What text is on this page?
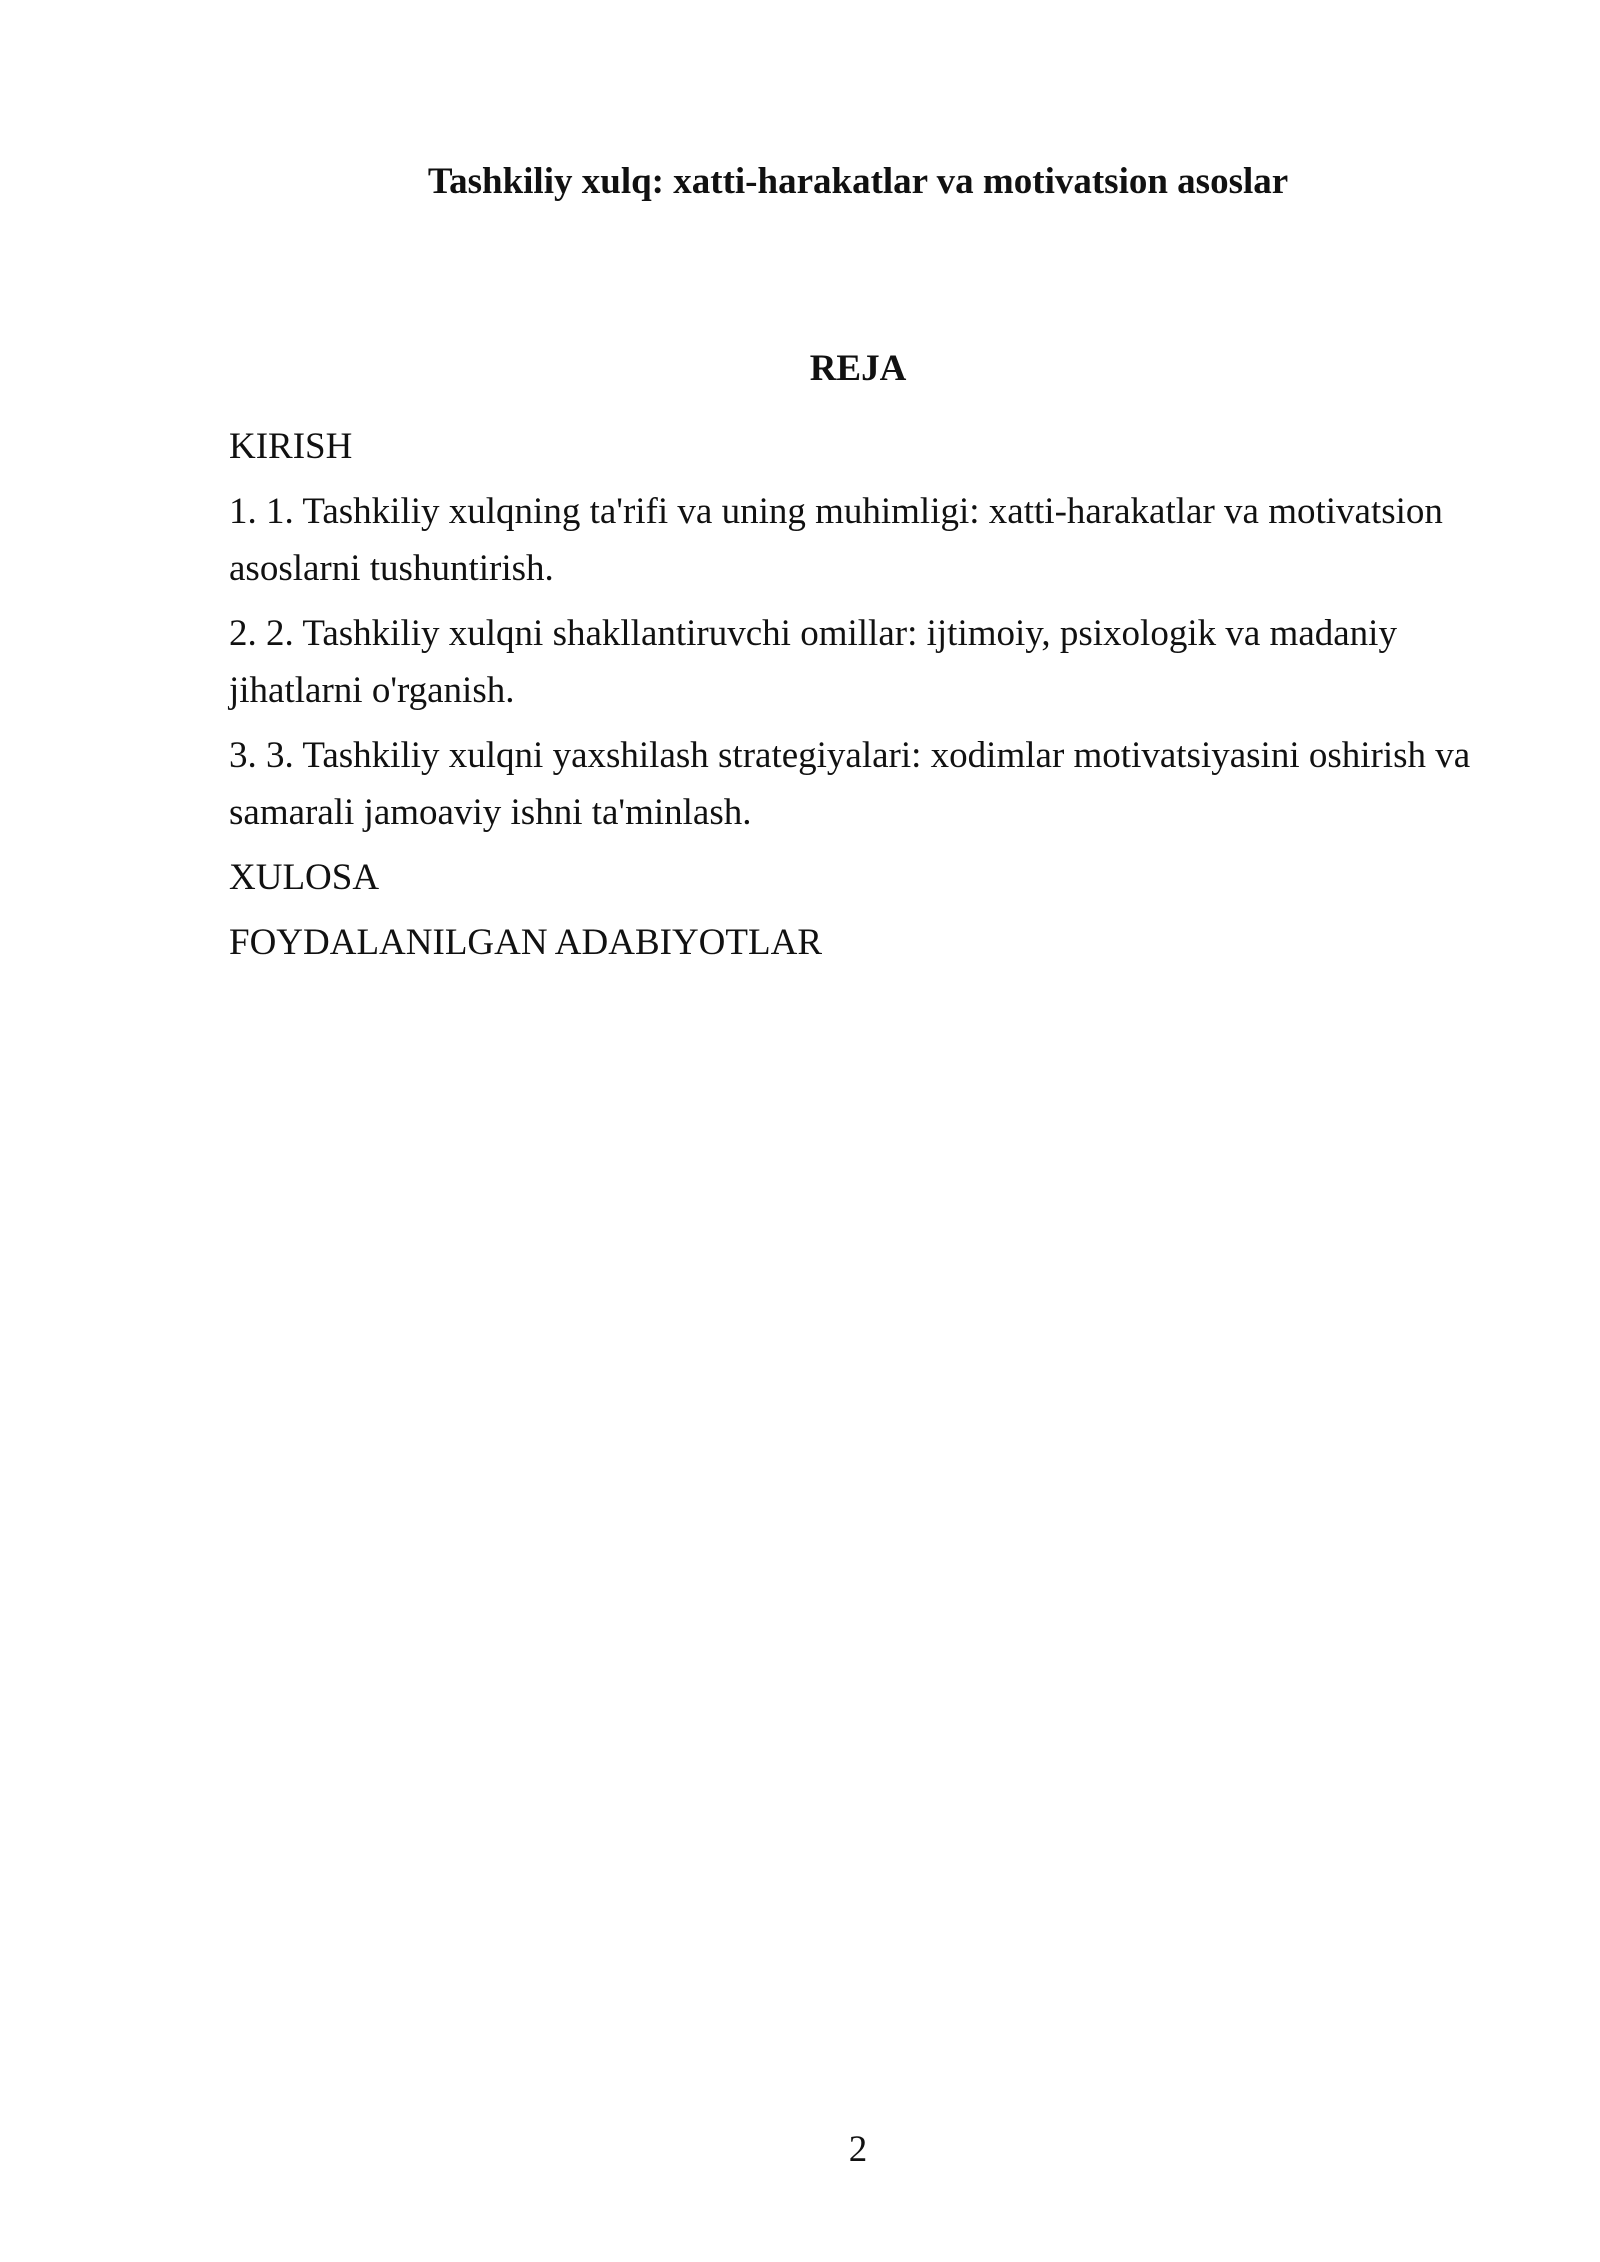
Tashkiliy xulq: xatti-harakatlar va motivatsion asoslar
REJA
KIRISH
1. 1. Tashkiliy xulqning ta'rifi va uning muhimligi: xatti-harakatlar va motivatsion asoslarni tushuntirish.
2. 2. Tashkiliy xulqni shakllantiruvchi omillar: ijtimoiy, psixologik va madaniy jihatlarni o'rganish.
3. 3. Tashkiliy xulqni yaxshilash strategiyalari: xodimlar motivatsiyasini oshirish va samarali jamoaviy ishni ta'minlash.
XULOSA
FOYDALANILGAN ADABIYOTLAR
2
